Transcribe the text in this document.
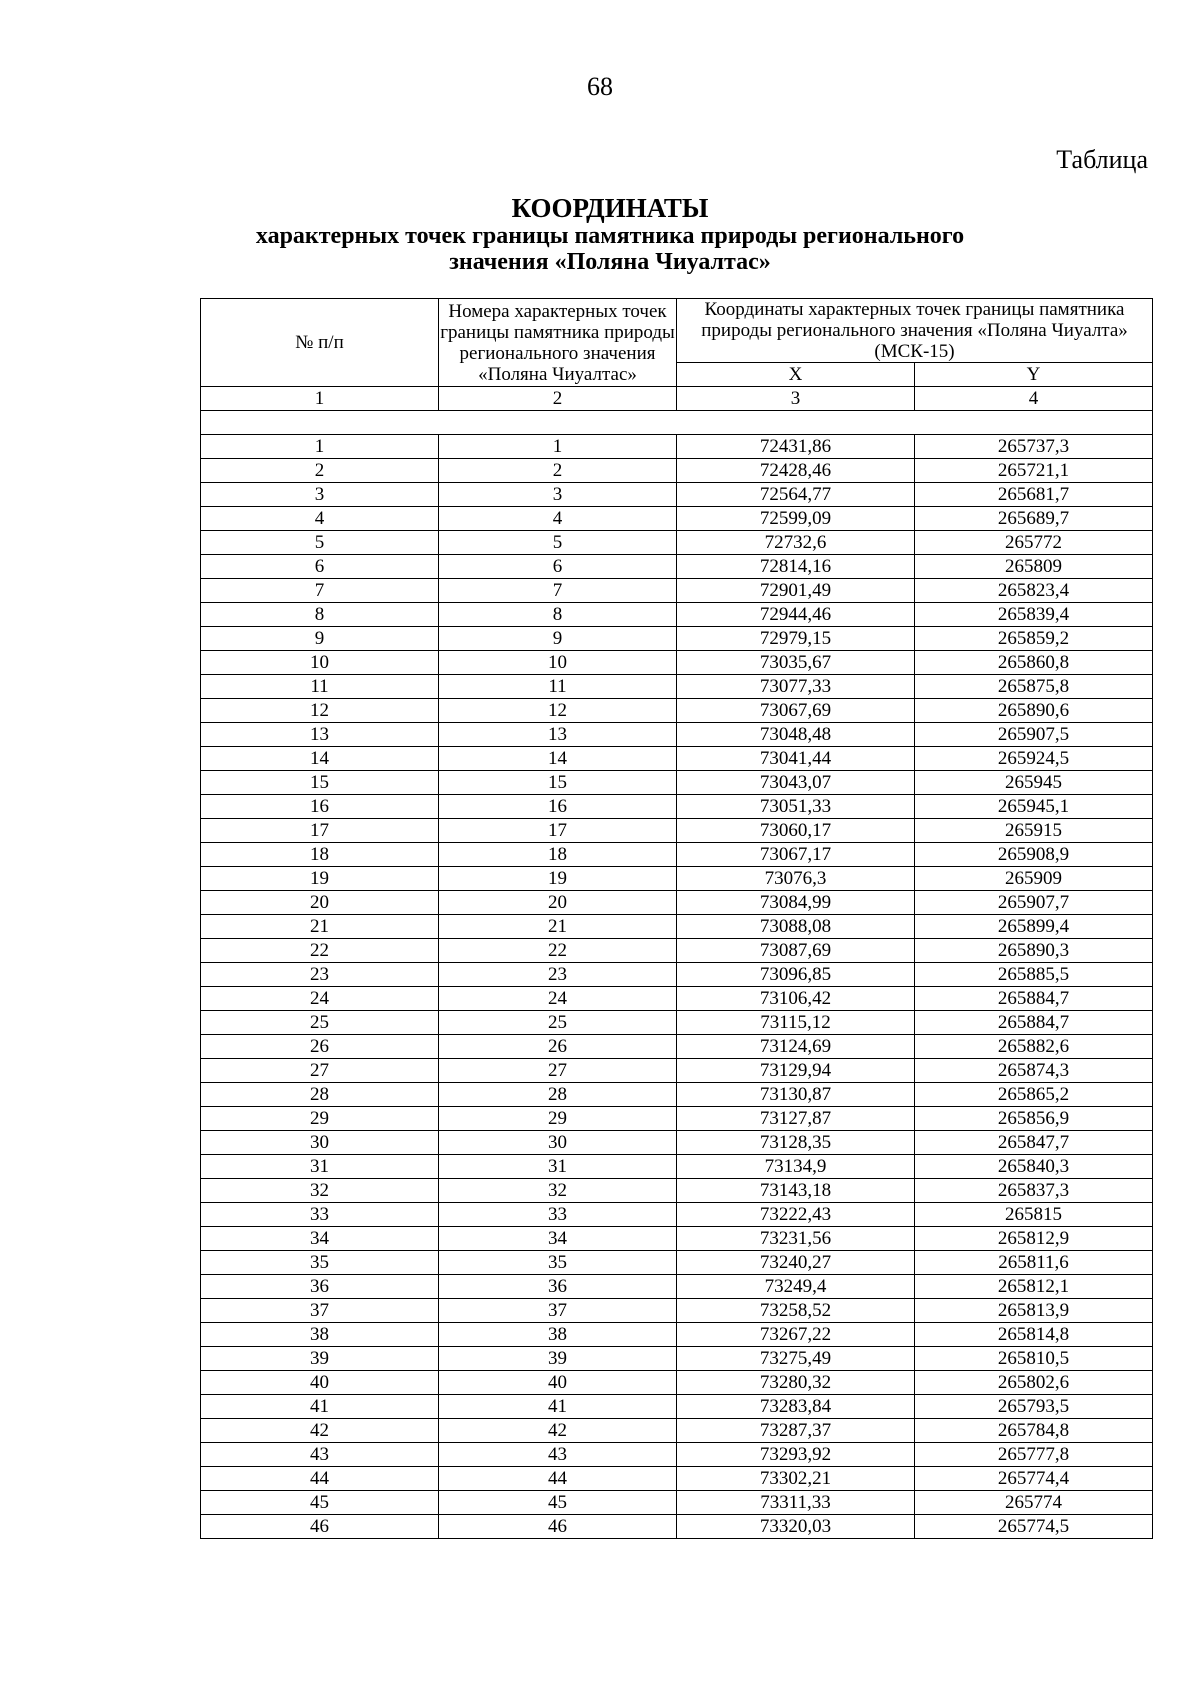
68
Таблица
КООРДИНАТЫ
характерных точек границы памятника природы регионального
значения «Поляна Чиуалтас»
№ п/п	Номера характерных точек границы памятника природы регионального значения «Поляна Чиуалтас»	Координаты характерных точек границы памятника природы регионального значения «Поляна Чиуалта» (МСК-15)	
		X	Y
1	2	3	4

1	1	72431,86	265737,3
2	2	72428,46	265721,1
3	3	72564,77	265681,7
4	4	72599,09	265689,7
5	5	72732,6	265772
6	6	72814,16	265809
7	7	72901,49	265823,4
8	8	72944,46	265839,4
9	9	72979,15	265859,2
10	10	73035,67	265860,8
11	11	73077,33	265875,8
12	12	73067,69	265890,6
13	13	73048,48	265907,5
14	14	73041,44	265924,5
15	15	73043,07	265945
16	16	73051,33	265945,1
17	17	73060,17	265915
18	18	73067,17	265908,9
19	19	73076,3	265909
20	20	73084,99	265907,7
21	21	73088,08	265899,4
22	22	73087,69	265890,3
23	23	73096,85	265885,5
24	24	73106,42	265884,7
25	25	73115,12	265884,7
26	26	73124,69	265882,6
27	27	73129,94	265874,3
28	28	73130,87	265865,2
29	29	73127,87	265856,9
30	30	73128,35	265847,7
31	31	73134,9	265840,3
32	32	73143,18	265837,3
33	33	73222,43	265815
34	34	73231,56	265812,9
35	35	73240,27	265811,6
36	36	73249,4	265812,1
37	37	73258,52	265813,9
38	38	73267,22	265814,8
39	39	73275,49	265810,5
40	40	73280,32	265802,6
41	41	73283,84	265793,5
42	42	73287,37	265784,8
43	43	73293,92	265777,8
44	44	73302,21	265774,4
45	45	73311,33	265774
46	46	73320,03	265774,5
